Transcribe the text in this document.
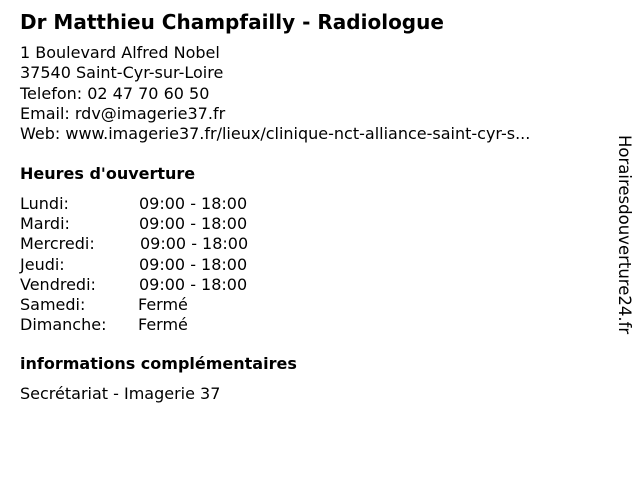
Dr Matthieu Champfailly - Radiologue
1 Boulevard Alfred Nobel
37540 Saint-Cyr-sur-Loire
Telefon: 02 47 70 60 50
Email: rdv@imagerie37.fr
Web: www.imagerie37.fr/lieux/clinique-nct-alliance-saint-cyr-s...
Heures d'ouverture
Lundi:	09:00 - 18:00
Mardi:	09:00 - 18:00
Mercredi:	09:00 - 18:00
Jeudi:	09:00 - 18:00
Vendredi:	09:00 - 18:00
Samedi:	Fermé
Dimanche: Fermé
informations complémentaires
Secrétariat - Imagerie 37
Horairesdouverture24.fr
